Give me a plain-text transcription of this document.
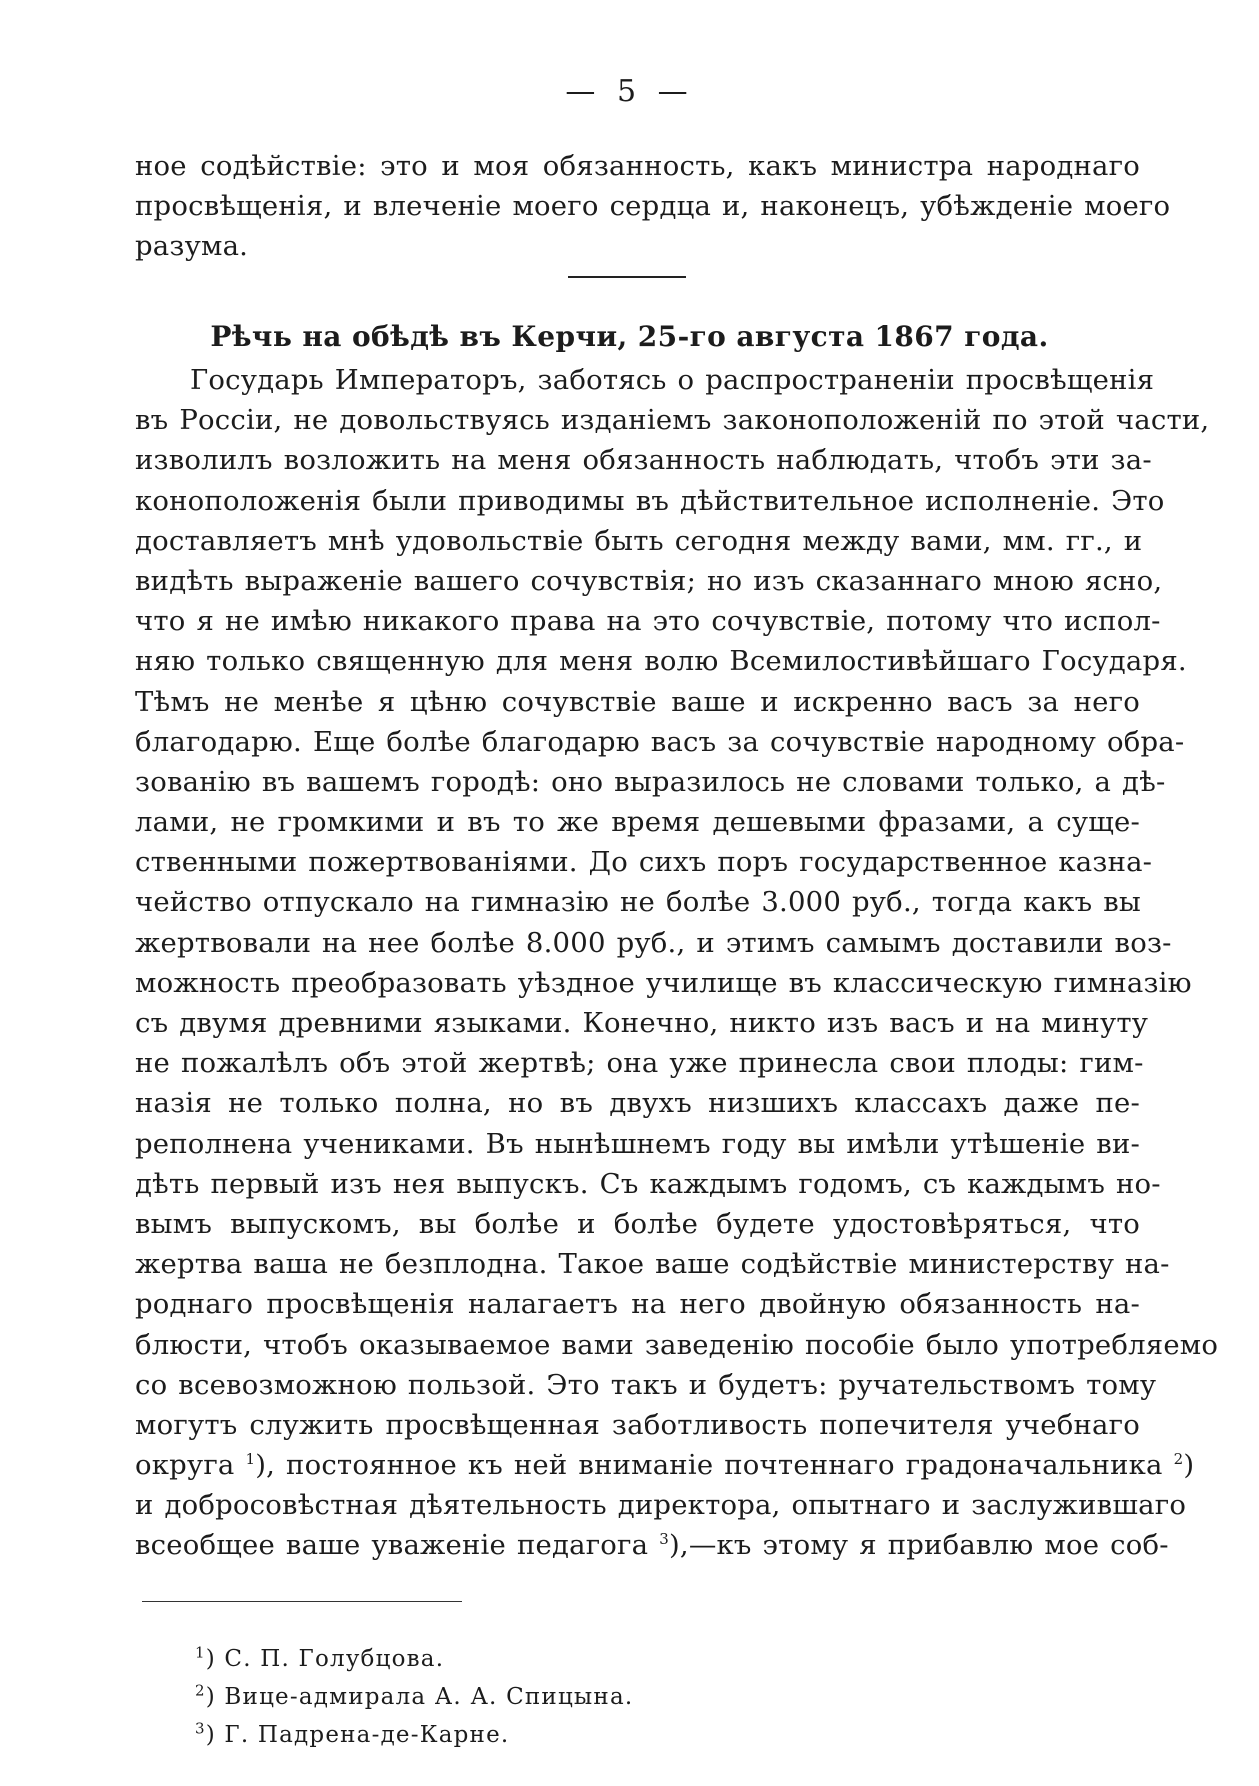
— 5 —
ное содѣйствіе: это и моя обязанность, какъ министра народнаго
просвѣщенія, и влеченіе моего сердца и, наконецъ, убѣжденіе моего
разума.
Рѣчь на обѣдѣ въ Керчи, 25-го августа 1867 года.
Государь Императоръ, заботясь о распространеніи просвѣщенія
въ Россіи, не довольствуясь изданіемъ законоположеній по этой части,
изволилъ возложить на меня обязанность наблюдать, чтобъ эти за-
коноположенія были приводимы въ дѣйствительное исполненіе. Это
доставляетъ мнѣ удовольствіе быть сегодня между вами, мм. гг., и
видѣть выраженіе вашего сочувствія; но изъ сказаннаго мною ясно,
что я не имѣю никакого права на это сочувствіе, потому что испол-
няю только священную для меня волю Всемилостивѣйшаго Государя.
Тѣмъ не менѣе я цѣню сочувствіе ваше и искренно васъ за него
благодарю. Еще болѣе благодарю васъ за сочувствіе народному обра-
зованію въ вашемъ городѣ: оно выразилось не словами только, а дѣ-
лами, не громкими и въ то же время дешевыми фразами, а суще-
ственными пожертвованіями. До сихъ поръ государственное казна-
чейство отпускало на гимназію не болѣе 3.000 руб., тогда какъ вы
жертвовали на нее болѣе 8.000 руб., и этимъ самымъ доставили воз-
можность преобразовать уѣздное училище въ классическую гимназію
съ двумя древними языками. Конечно, никто изъ васъ и на минуту
не пожалѣлъ объ этой жертвѣ; она уже принесла свои плоды: гим-
назія не только полна, но въ двухъ низшихъ классахъ даже пе-
реполнена учениками. Въ нынѣшнемъ году вы имѣли утѣшеніе ви-
дѣть первый изъ нея выпускъ. Съ каждымъ годомъ, съ каждымъ но-
вымъ выпускомъ, вы болѣе и болѣе будете удостовѣряться, что
жертва ваша не безплодна. Такое ваше содѣйствіе министерству на-
роднаго просвѣщенія налагаетъ на него двойную обязанность на-
блюсти, чтобъ оказываемое вами заведенію пособіе было употребляемо
со всевозможною пользой. Это такъ и будетъ: ручательствомъ тому
могутъ служить просвѣщенная заботливость попечителя учебнаго
округа $^1$), постоянное къ ней вниманіе почтеннаго градоначальника $^2$)
и добросовѣстная дѣятельность директора, опытнаго и заслужившаго
всеобщее ваше уваженіе педагога $^3$),—къ этому я прибавлю мое соб-
$^1$) С. П. Голубцова.
$^2$) Вице-адмирала А. А. Спицына.
$^3$) Г. Падрена-де-Карне.
